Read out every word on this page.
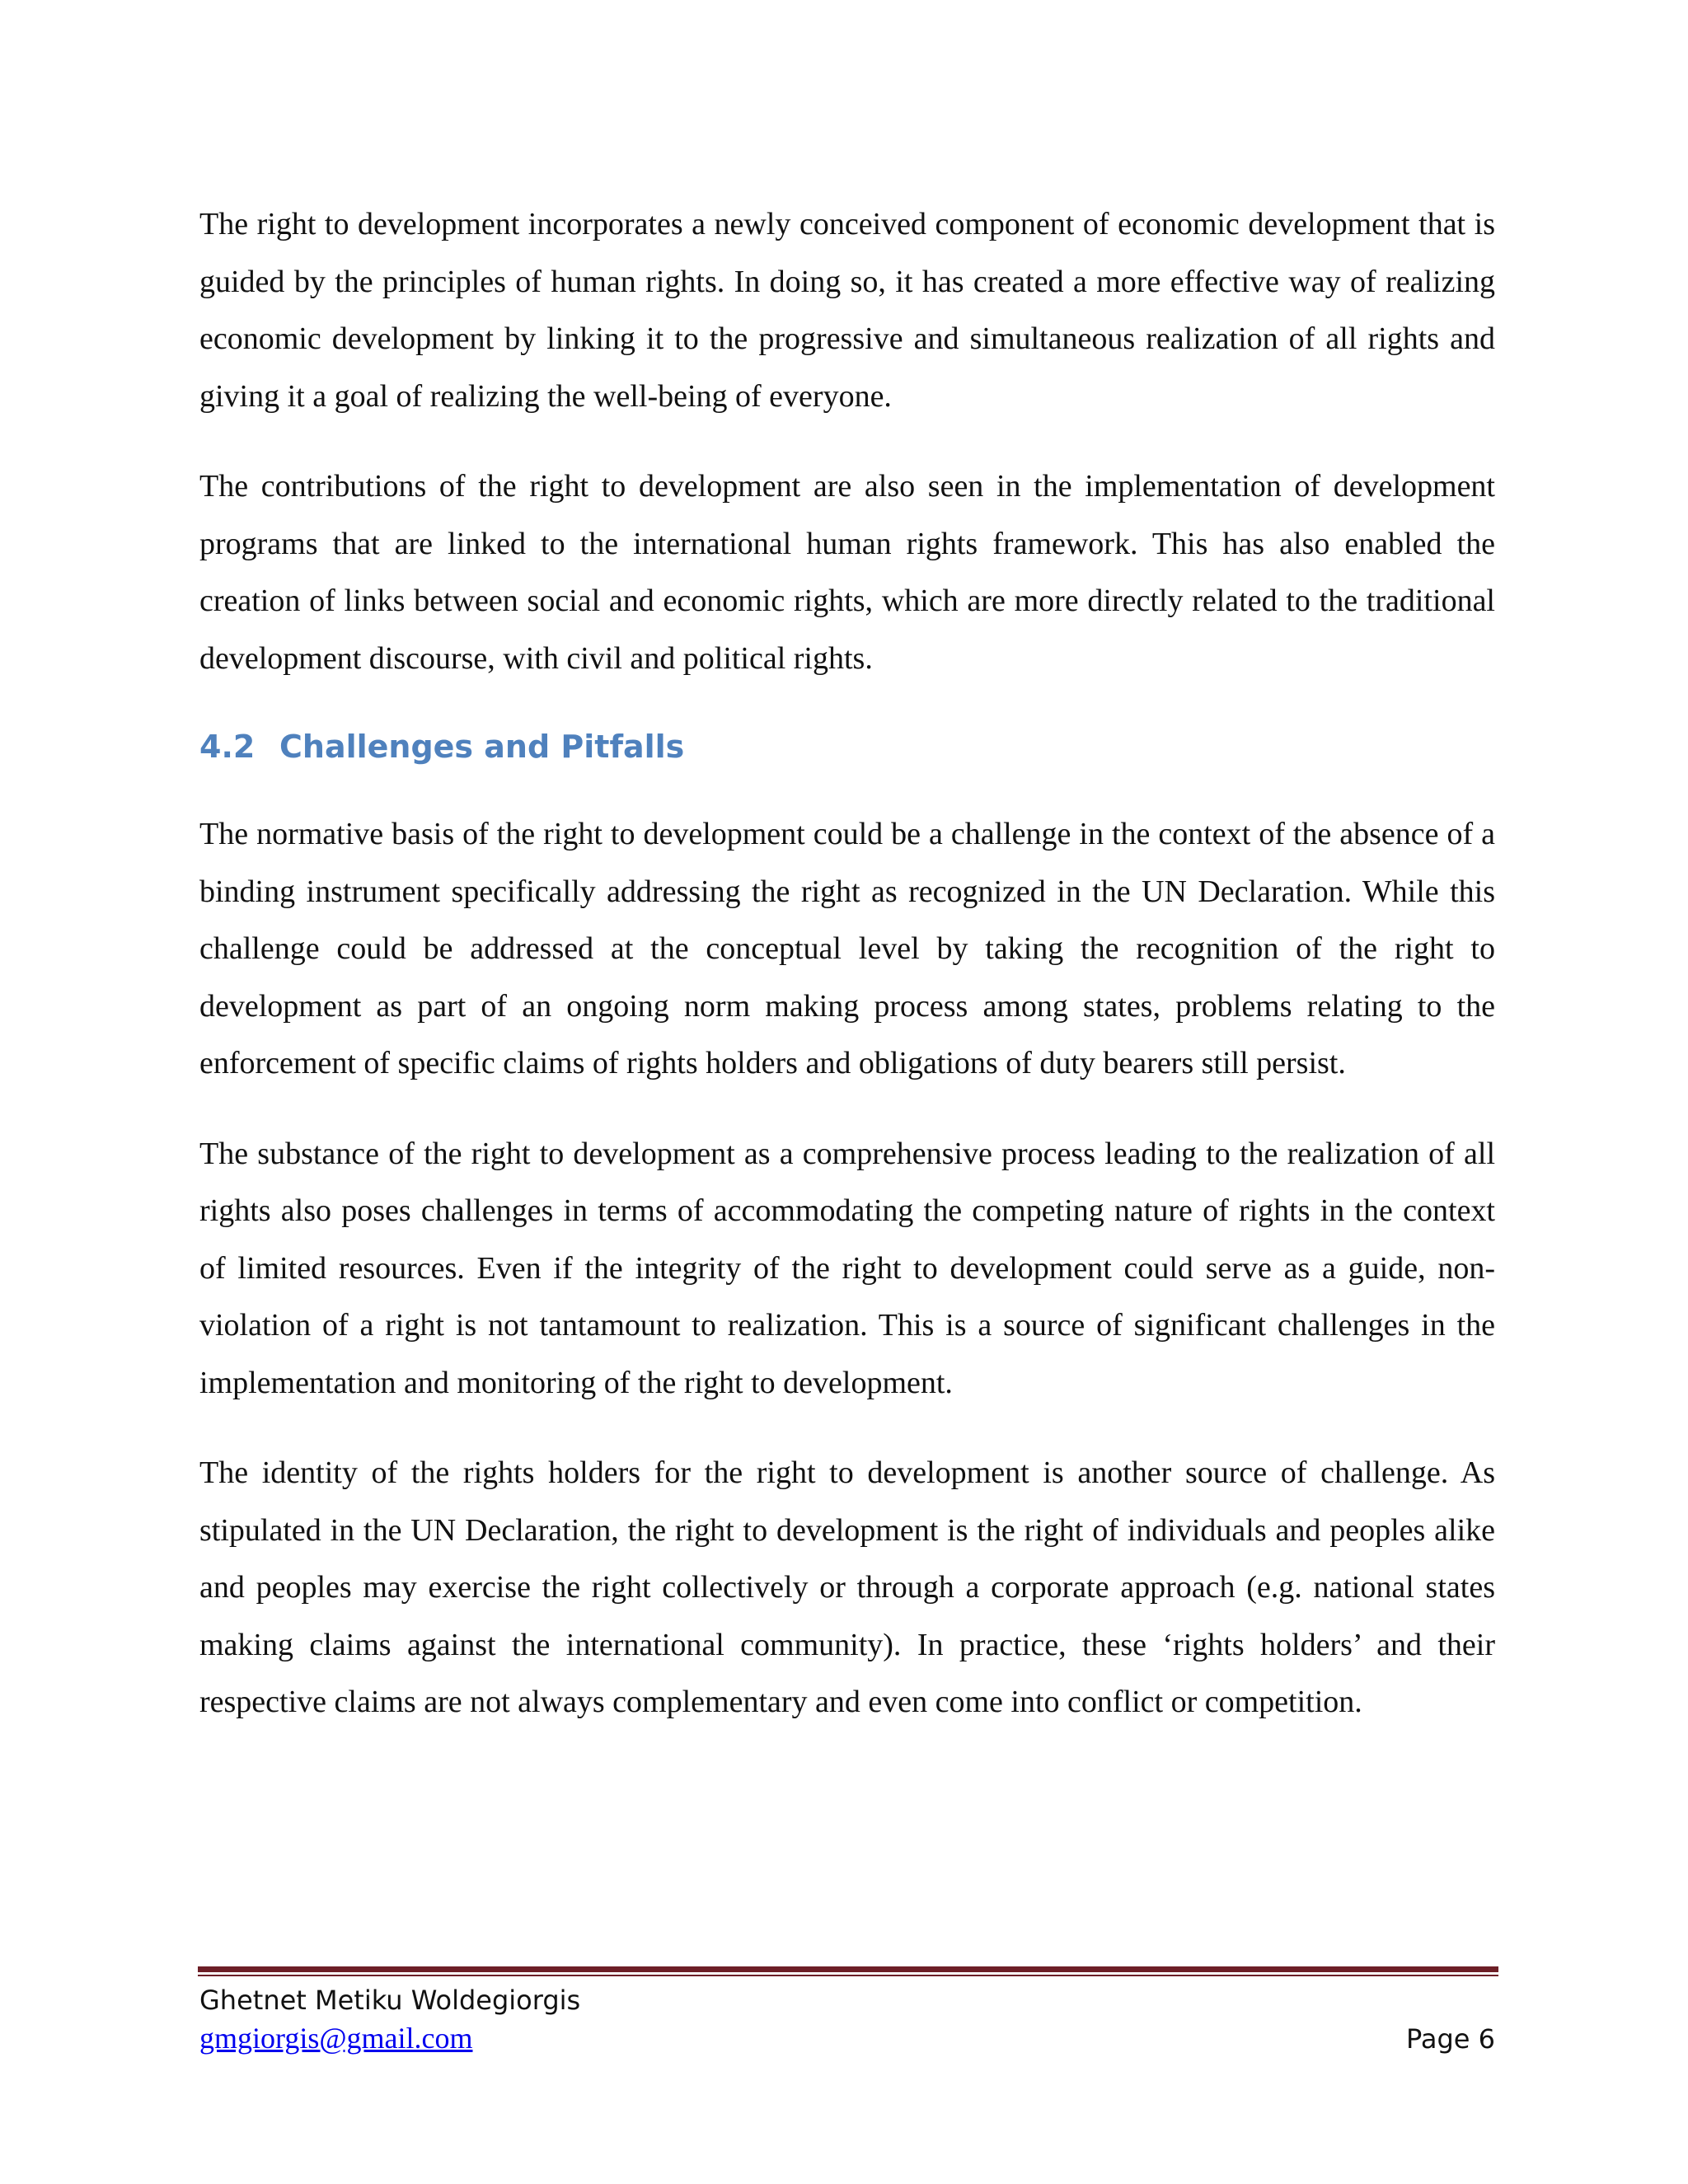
The right to development incorporates a newly conceived component of economic development that is guided by the principles of human rights. In doing so, it has created a more effective way of realizing economic development by linking it to the progressive and simultaneous realization of all rights and giving it a goal of realizing the well-being of everyone.

The contributions of the right to development are also seen in the implementation of development programs that are linked to the international human rights framework. This has also enabled the creation of links between social and economic rights, which are more directly related to the traditional development discourse, with civil and political rights.

4.2 Challenges and Pitfalls

The normative basis of the right to development could be a challenge in the context of the absence of a binding instrument specifically addressing the right as recognized in the UN Declaration. While this challenge could be addressed at the conceptual level by taking the recognition of the right to development as part of an ongoing norm making process among states, problems relating to the enforcement of specific claims of rights holders and obligations of duty bearers still persist.

The substance of the right to development as a comprehensive process leading to the realization of all rights also poses challenges in terms of accommodating the competing nature of rights in the context of limited resources. Even if the integrity of the right to development could serve as a guide, non-violation of a right is not tantamount to realization. This is a source of significant challenges in the implementation and monitoring of the right to development.

The identity of the rights holders for the right to development is another source of challenge. As stipulated in the UN Declaration, the right to development is the right of individuals and peoples alike and peoples may exercise the right collectively or through a corporate approach (e.g. national states making claims against the international community). In practice, these ‘rights holders’ and their respective claims are not always complementary and even come into conflict or competition.

Ghetnet Metiku Woldegiorgis
gmgiorgis@gmail.com	Page 6
